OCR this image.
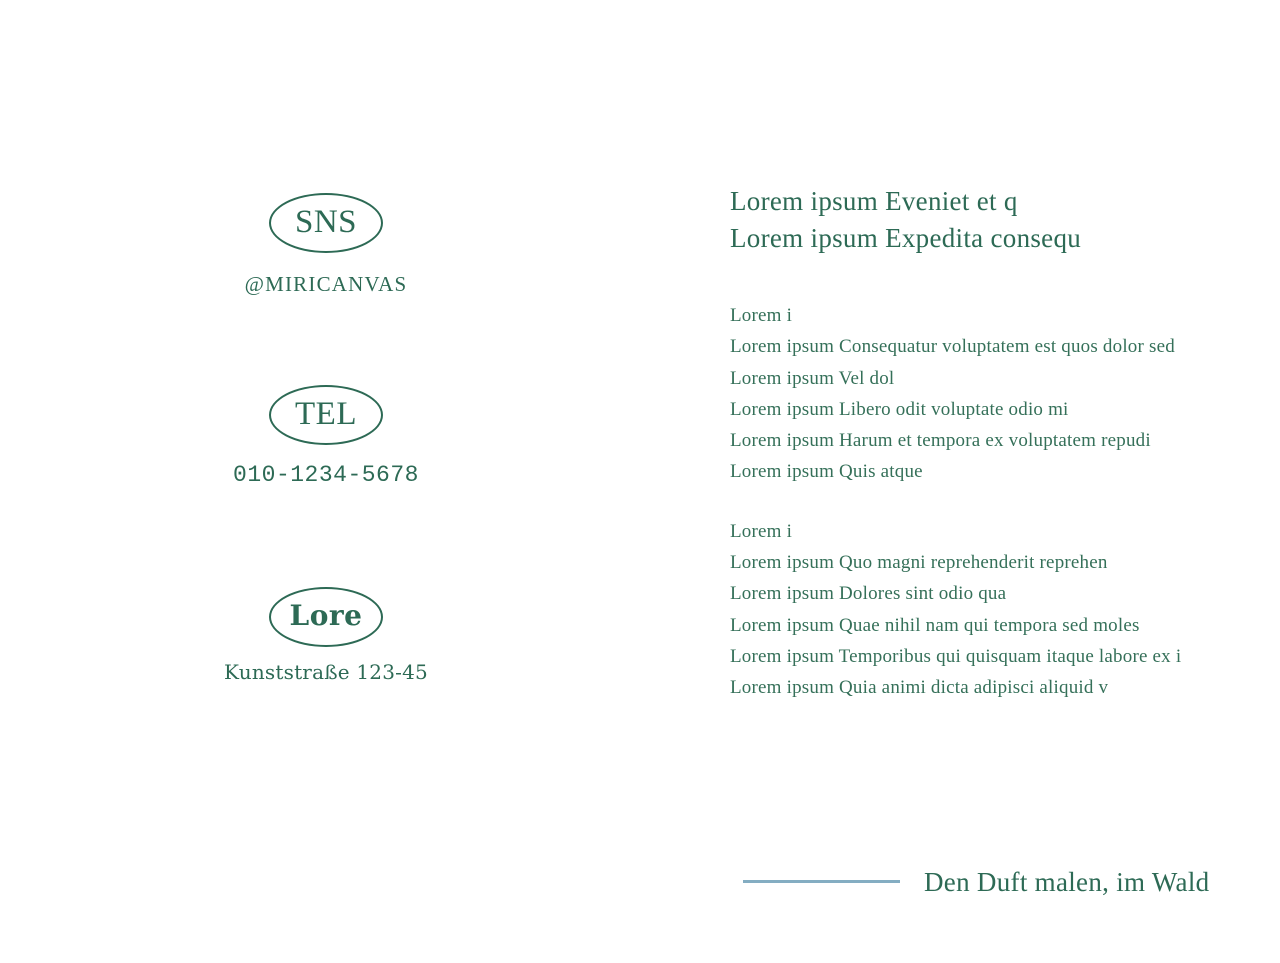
SNS
@MIRICANVAS
TEL
010-1234-5678
Lore
Kunststraße 123-45
Lorem ipsum Eveniet et q
Lorem ipsum Expedita consequ
Lorem i
Lorem ipsum Consequatur voluptatem est quos dolor sed
Lorem ipsum Vel dol
Lorem ipsum Libero odit voluptate odio mi
Lorem ipsum Harum et tempora ex voluptatem repudi
Lorem ipsum Quis atque
Lorem i
Lorem ipsum Quo magni reprehenderit reprehen
Lorem ipsum Dolores sint odio qua
Lorem ipsum Quae nihil nam qui tempora sed moles
Lorem ipsum Temporibus qui quisquam itaque labore ex i
Lorem ipsum Quia animi dicta adipisci aliquid v
Den Duft malen, im Wald
